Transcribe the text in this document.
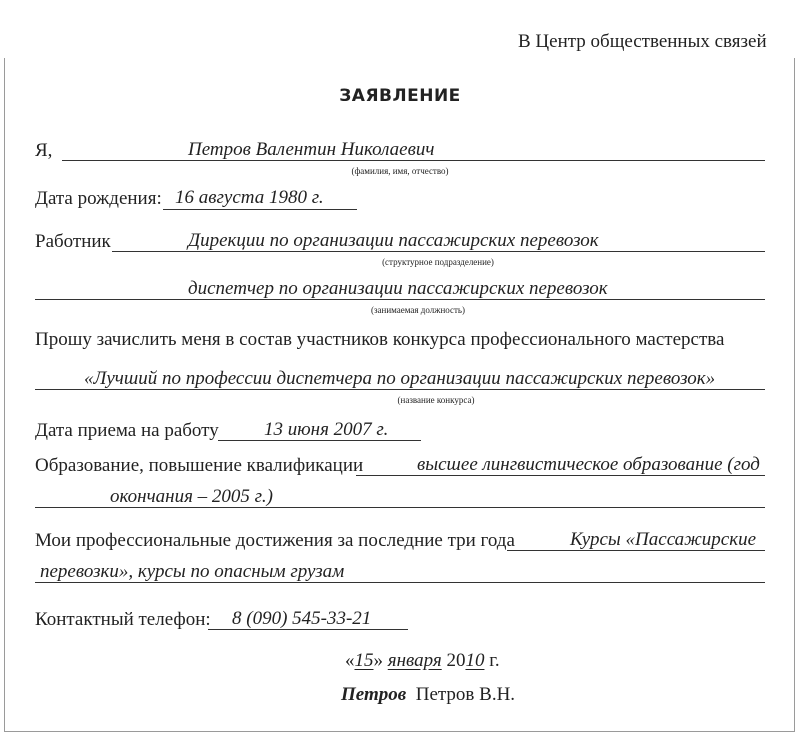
В Центр общественных связей
ЗАЯВЛЕНИЕ
Я,	Петров Валентин Николаевич
(фамилия, имя, отчество)
Дата рождения: 16 августа 1980 г.
Работник	Дирекции по организации пассажирских перевозок
(структурное подразделение)
диспетчер по организации пассажирских перевозок
(занимаемая должность)
Прошу зачислить меня в состав участников конкурса профессионального мастерства
«Лучший по профессии диспетчера по организации пассажирских перевозок»
(название конкурса)
Дата приема на работу 13 июня 2007 г.
Образование, повышение квалификации	высшее лингвистическое образование (год
окончания – 2005 г.)
Мои профессиональные достижения за последние три года	Курсы «Пассажирские
перевозки», курсы по опасным грузам
Контактный телефон: 8 (090) 545-33-21
«15» января 2010 г.
Петров Петров В.Н.
